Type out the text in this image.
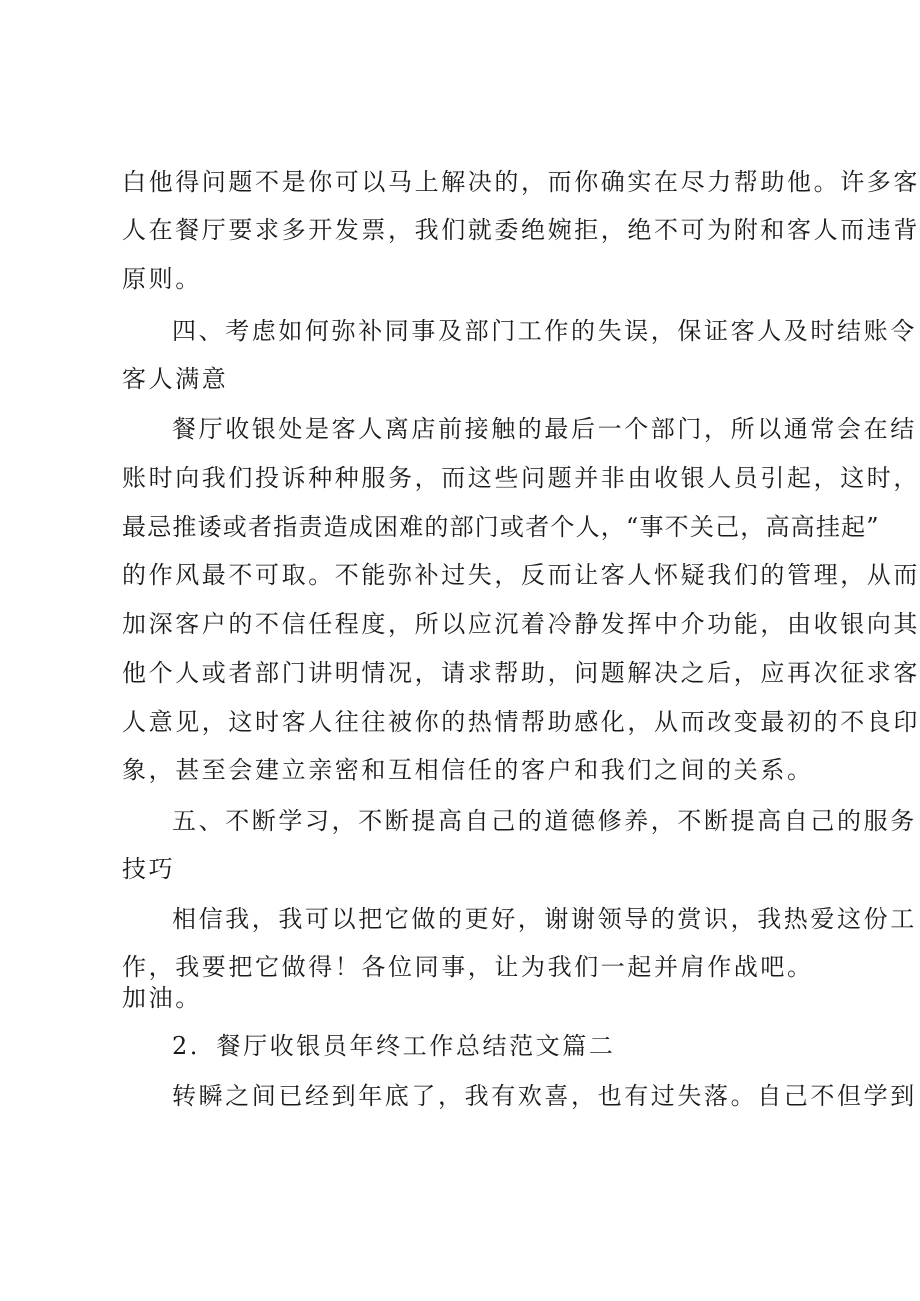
白他得问题不是你可以马上解决的，而你确实在尽力帮助他。许多客
人在餐厅要求多开发票，我们就委绝婉拒，绝不可为附和客人而违背
原则。
四、考虑如何弥补同事及部门工作的失误，保证客人及时结账令
客人满意
餐厅收银处是客人离店前接触的最后一个部门，所以通常会在结
账时向我们投诉种种服务，而这些问题并非由收银人员引起，这时，
最忌推诿或者指责造成困难的部门或者个人，“事不关己，高高挂起”
的作风最不可取。不能弥补过失，反而让客人怀疑我们的管理，从而
加深客户的不信任程度，所以应沉着冷静发挥中介功能，由收银向其
他个人或者部门讲明情况，请求帮助，问题解决之后，应再次征求客
人意见，这时客人往往被你的热情帮助感化，从而改变最初的不良印
象，甚至会建立亲密和互相信任的客户和我们之间的关系。
五、不断学习，不断提高自己的道德修养，不断提高自己的服务
技巧
相信我，我可以把它做的更好，谢谢领导的赏识，我热爱这份工
作，我要把它做得！各位同事，让为我们一起并肩作战吧。
加油。
2．餐厅收银员年终工作总结范文篇二
转瞬之间已经到年底了，我有欢喜，也有过失落。自己不但学到
